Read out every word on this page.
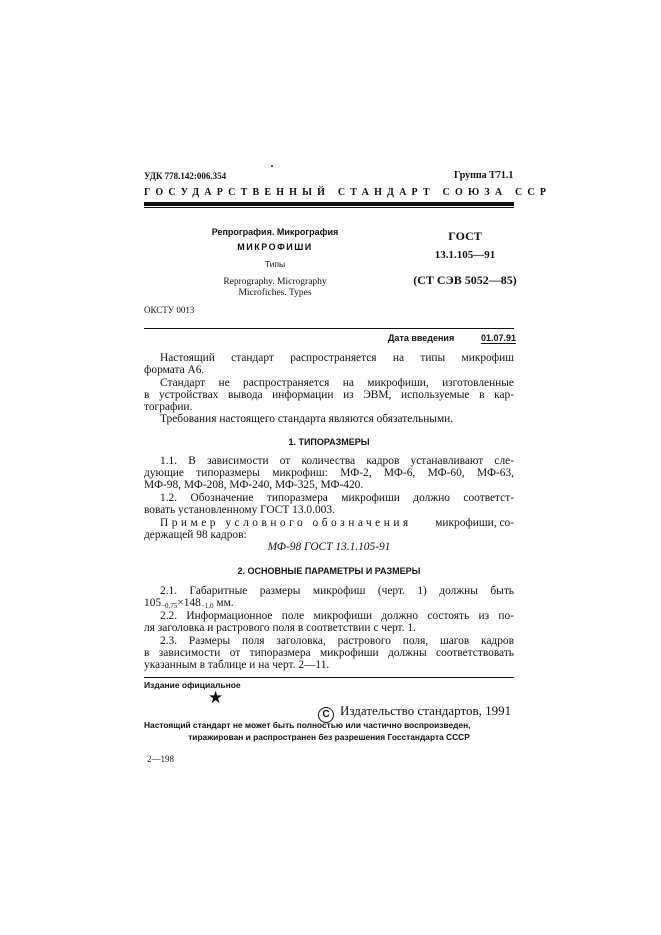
УДК 778.142:006.354	Группа Т71.1
ГОСУДАРСТВЕННЫЙ СТАНДАРТ СОЮЗА ССР
Репрография. Микрография
МИКРОФИШИ
Типы
Reprography. Micrography
Microfiches. Types
ГОСТ
13.1.105—91
(СТ СЭВ 5052—85)
ОКСТУ 0013
Дата введения	01.07.91
Настоящий стандарт распространяется на типы микрофиш
формата А6.
Стандарт не распространяется на микрофиши, изготовленные
в устройствах вывода информации из ЭВМ, используемые в кар-
тографии.
Требования настоящего стандарта являются обязательными.
1. ТИПОРАЗМЕРЫ
1.1. В зависимости от количества кадров устанавливают сле-
дующие типоразмеры микрофиш: МФ-2, МФ-6, МФ-60, МФ-63,
МФ-98, МФ-208, МФ-240, МФ-325, МФ-420.
1.2. Обозначение типоразмера микрофиши должно соответст-
вовать установленному ГОСТ 13.0.003.
Пример условного обозначения микрофиши, со-
держащей 98 кадров:
МФ-98 ГОСТ 13.1.105-91
2. ОСНОВНЫЕ ПАРАМЕТРЫ И РАЗМЕРЫ
2.1. Габаритные размеры микрофиш (черт. 1) должны быть
$105_{-0,75}\times 148_{-1,0}$ мм.
2.2. Информационное поле микрофиши должно состоять из по-
ля заголовка и растрового поля в соответствии с черт. 1.
2.3. Размеры поля заголовка, растрового поля, шагов кадров
в зависимости от типоразмера микрофиши должны соответствовать
указанным в таблице и на черт. 2—11.
Издание официальное
★
C Издательство стандартов, 1991
Настоящий стандарт не может быть полностью или частично воспроизведен,
тиражирован и распространен без разрешения Госстандарта СССР
2—198
